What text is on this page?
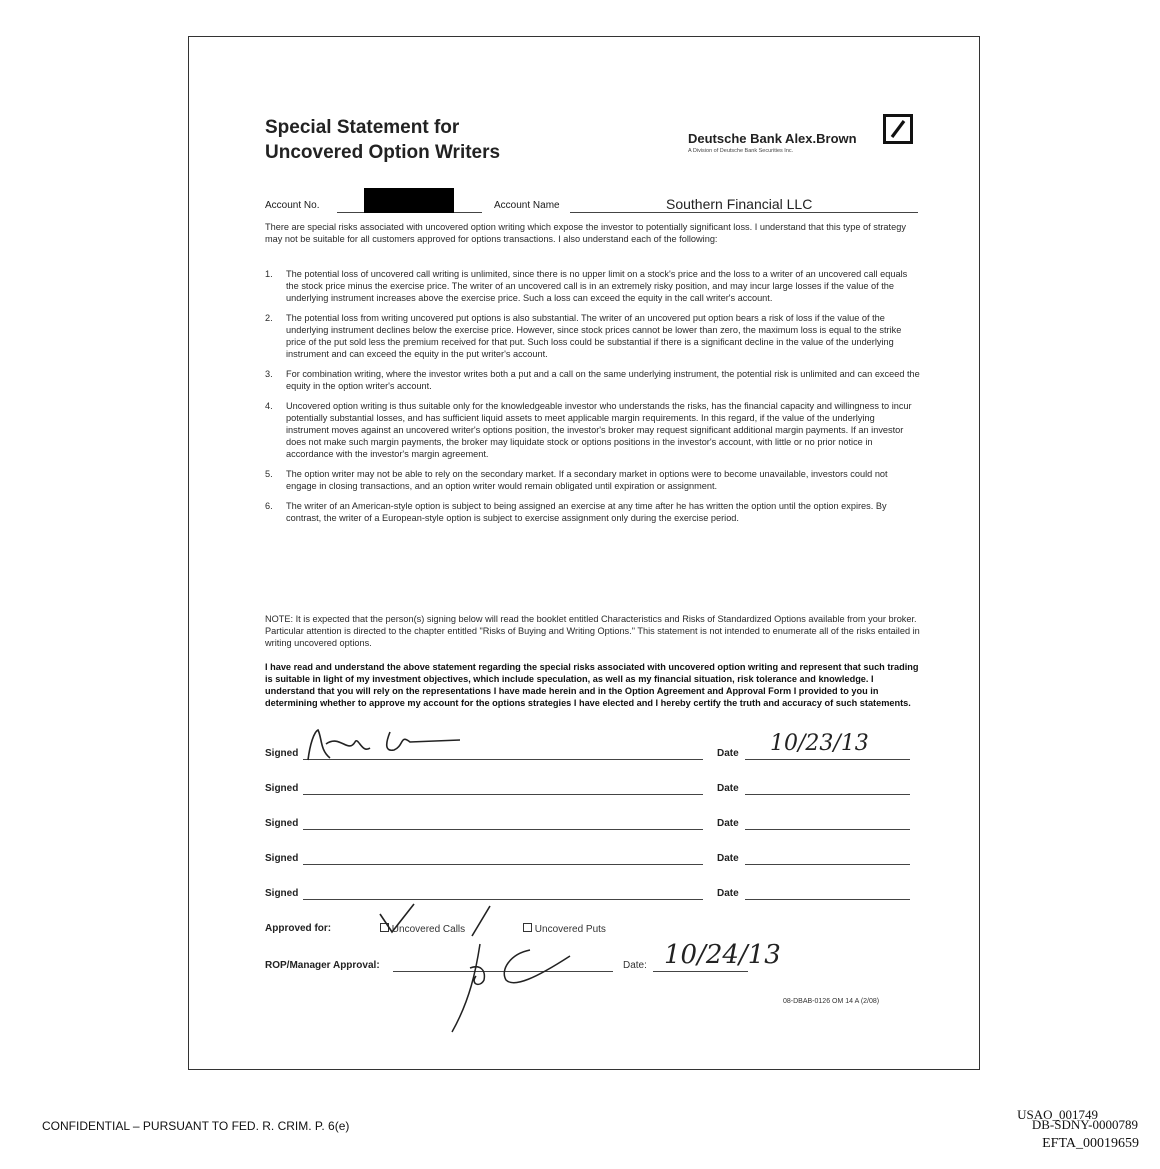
Special Statement for
Uncovered Option Writers
Deutsche Bank Alex.Brown
A Division of Deutsche Bank Securities Inc.
Account No.	Account Name	Southern Financial LLC
There are special risks associated with uncovered option writing which expose the investor to potentially significant loss. I understand that this type of strategy may not be suitable for all customers approved for options transactions. I also understand each of the following:
1. The potential loss of uncovered call writing is unlimited, since there is no upper limit on a stock's price and the loss to a writer of an uncovered call equals the stock price minus the exercise price. The writer of an uncovered call is in an extremely risky position, and may incur large losses if the value of the underlying instrument increases above the exercise price. Such a loss can exceed the equity in the call writer's account.
2. The potential loss from writing uncovered put options is also substantial. The writer of an uncovered put option bears a risk of loss if the value of the underlying instrument declines below the exercise price. However, since stock prices cannot be lower than zero, the maximum loss is equal to the strike price of the put sold less the premium received for that put. Such loss could be substantial if there is a significant decline in the value of the underlying instrument and can exceed the equity in the put writer's account.
3. For combination writing, where the investor writes both a put and a call on the same underlying instrument, the potential risk is unlimited and can exceed the equity in the option writer's account.
4. Uncovered option writing is thus suitable only for the knowledgeable investor who understands the risks, has the financial capacity and willingness to incur potentially substantial losses, and has sufficient liquid assets to meet applicable margin requirements. In this regard, if the value of the underlying instrument moves against an uncovered writer's options position, the investor's broker may request significant additional margin payments. If an investor does not make such margin payments, the broker may liquidate stock or options positions in the investor's account, with little or no prior notice in accordance with the investor's margin agreement.
5. The option writer may not be able to rely on the secondary market. If a secondary market in options were to become unavailable, investors could not engage in closing transactions, and an option writer would remain obligated until expiration or assignment.
6. The writer of an American-style option is subject to being assigned an exercise at any time after he has written the option until the option expires. By contrast, the writer of a European-style option is subject to exercise assignment only during the exercise period.
NOTE: It is expected that the person(s) signing below will read the booklet entitled Characteristics and Risks of Standardized Options available from your broker. Particular attention is directed to the chapter entitled "Risks of Buying and Writing Options." This statement is not intended to enumerate all of the risks entailed in writing uncovered options.
I have read and understand the above statement regarding the special risks associated with uncovered option writing and represent that such trading is suitable in light of my investment objectives, which include speculation, as well as my financial situation, risk tolerance and knowledge. I understand that you will rely on the representations I have made herein and in the Option Agreement and Approval Form I provided to you in determining whether to approve my account for the options strategies I have elected and I hereby certify the truth and accuracy of such statements.
Signed	Date 10/23/13
Signed	Date
Signed	Date
Signed	Date
Signed	Date
Approved for:	Uncovered Calls	Uncovered Puts
ROP/Manager Approval:	Date: 10/24/13
08-DBAB-0126 OM 14 A (2/08)
CONFIDENTIAL – PURSUANT TO FED. R. CRIM. P. 6(e)
USAO_001749
DB-SDNY-0000789
EFTA_00019659
